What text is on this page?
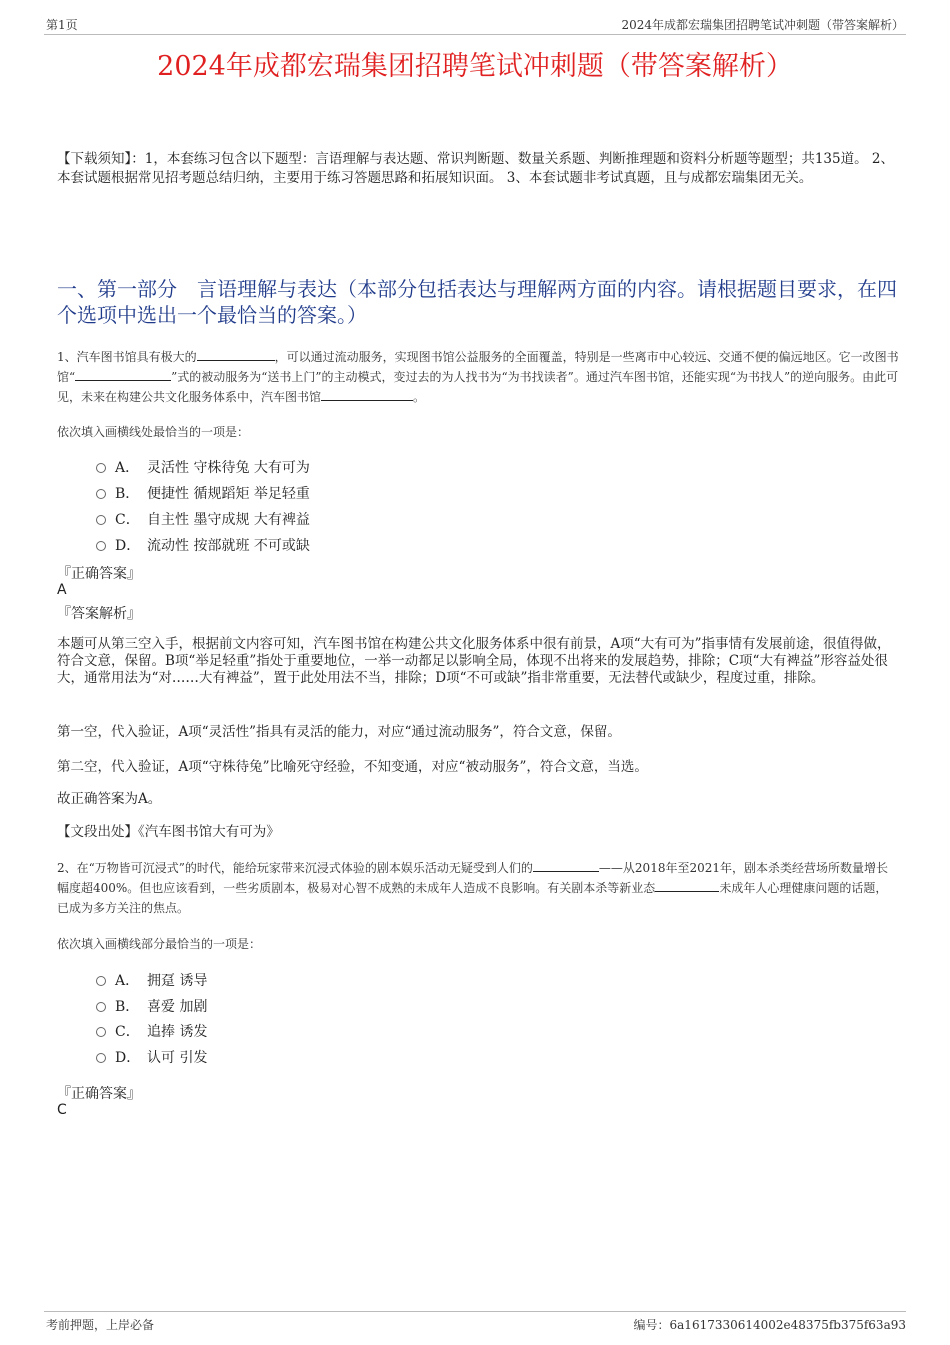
第1页	2024年成都宏瑞集团招聘笔试冲刺题（带答案解析）
2024年成都宏瑞集团招聘笔试冲刺题（带答案解析）
【下载须知】：1，本套练习包含以下题型：言语理解与表达题、常识判断题、数量关系题、判断推理题和资料分析题等题型；共135道。 2、本套试题根据常见招考题总结归纳，主要用于练习答题思路和拓展知识面。 3、本套试题非考试真题，且与成都宏瑞集团无关。
一、第一部分　言语理解与表达（本部分包括表达与理解两方面的内容。请根据题目要求，在四个选项中选出一个最恰当的答案。）
1、汽车图书馆具有极大的	，可以通过流动服务，实现图书馆公益服务的全面覆盖，特别是一些离市中心较远、交通不便的偏远地区。它一改图书馆“	”式的被动服务为“送书上门”的主动模式，变过去的为人找书为“为书找读者”。通过汽车图书馆，还能实现“为书找人”的逆向服务。由此可见，未来在构建公共文化服务体系中，汽车图书馆	。
依次填入画横线处最恰当的一项是：
A． 灵活性 守株待兔 大有可为
B． 便捷性 循规蹈矩 举足轻重
C． 自主性 墨守成规 大有裨益
D． 流动性 按部就班 不可或缺
『正确答案』
A
『答案解析』
本题可从第三空入手，根据前文内容可知，汽车图书馆在构建公共文化服务体系中很有前景，A项“大有可为”指事情有发展前途，很值得做，符合文意，保留。B项“举足轻重”指处于重要地位，一举一动都足以影响全局，体现不出将来的发展趋势，排除；C项“大有裨益”形容益处很大，通常用法为“对……大有裨益”，置于此处用法不当，排除；D项“不可或缺”指非常重要，无法替代或缺少，程度过重，排除。
第一空，代入验证，A项“灵活性”指具有灵活的能力，对应“通过流动服务”，符合文意，保留。
第二空，代入验证，A项“守株待兔”比喻死守经验，不知变通，对应“被动服务”，符合文意，当选。
故正确答案为A。
【文段出处】《汽车图书馆大有可为》
2、在“万物皆可沉浸式”的时代，能给玩家带来沉浸式体验的剧本娱乐活动无疑受到人们的	——从2018年至2021年，剧本杀类经营场所数量增长幅度超400%。但也应该看到，一些劣质剧本，极易对心智不成熟的未成年人造成不良影响。有关剧本杀等新业态	未成年人心理健康问题的话题，已成为多方关注的焦点。
依次填入画横线部分最恰当的一项是：
A． 拥趸 诱导
B． 喜爱 加剧
C． 追捧 诱发
D． 认可 引发
『正确答案』
C
考前押题，上岸必备	编号：6a1617330614002e48375fb375f63a93
